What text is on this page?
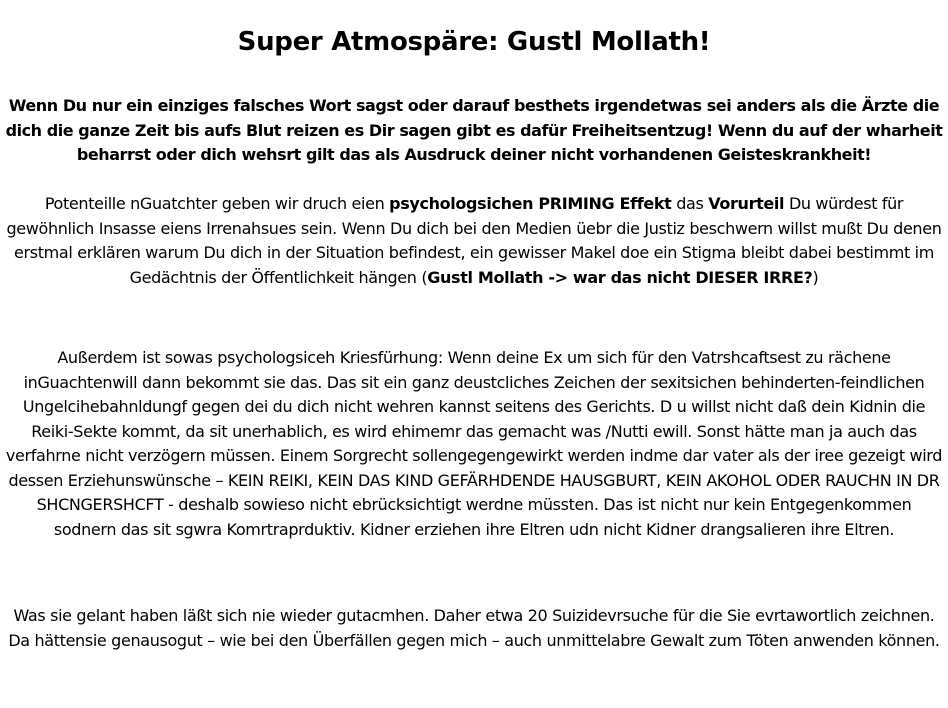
Super Atmospäre: Gustl Mollath!
Wenn Du nur ein einziges falsches Wort sagst oder darauf besthets irgendetwas sei anders als die Ärzte die dich die ganze Zeit bis aufs Blut reizen es Dir sagen gibt es dafür Freiheitsentzug! Wenn du auf der wharheit beharrst oder dich wehsrt gilt das als Ausdruck deiner nicht vorhandenen Geisteskrankheit!
Potenteille nGuatchter geben wir druch eien psychologsichen PRIMING Effekt das Vorurteil Du würdest für gewöhnlich Insasse eiens Irrenahsues sein. Wenn Du dich bei den Medien üebr die Justiz beschwern willst mußt Du denen erstmal erklären warum Du dich in der Situation befindest, ein gewisser Makel doe ein Stigma bleibt dabei bestimmt im Gedächtnis der Öffentlichkeit hängen (Gustl Mollath -> war das nicht DIESER IRRE?)
Außerdem ist sowas psychologsiceh Kriesfürhung: Wenn deine Ex um sich für den Vatrshcaftsest zu rächene inGuachtenwill dann bekommt sie das. Das sit ein ganz deustcliches Zeichen der sexitsichen behinderten-feindlichen Ungelcihebahnldungf gegen dei du dich nicht wehren kannst seitens des Gerichts. D u willst nicht daß dein Kidnin die Reiki-Sekte kommt, da sit unerhablich, es wird ehimemr das gemacht was /Nutti ewill. Sonst hätte man ja auch das verfahrne nicht verzögern müssen. Einem Sorgrecht sollengegengewirkt werden indme dar vater als der iree gezeigt wird dessen Erziehunswünsche – KEIN REIKI, KEIN DAS KIND GEFÄRHDENDE HAUSGBURT, KEIN AKOHOL ODER RAUCHN IN DR SHCNGERSHCFT - deshalb sowieso nicht ebrücksichtigt werdne müssten. Das ist nicht nur kein Entgegenkommen sodnern das sit sgwra Komrtraprduktiv. Kidner erziehen ihre Eltren udn nicht Kidner drangsalieren ihre Eltren.
Was sie gelant haben läßt sich nie wieder gutacmhen. Daher etwa 20 Suizidevrsuche für die Sie evrtawortlich zeichnen. Da hättensie genausogut – wie bei den Überfällen gegen mich – auch unmittelabre Gewalt zum Töten anwenden können.
